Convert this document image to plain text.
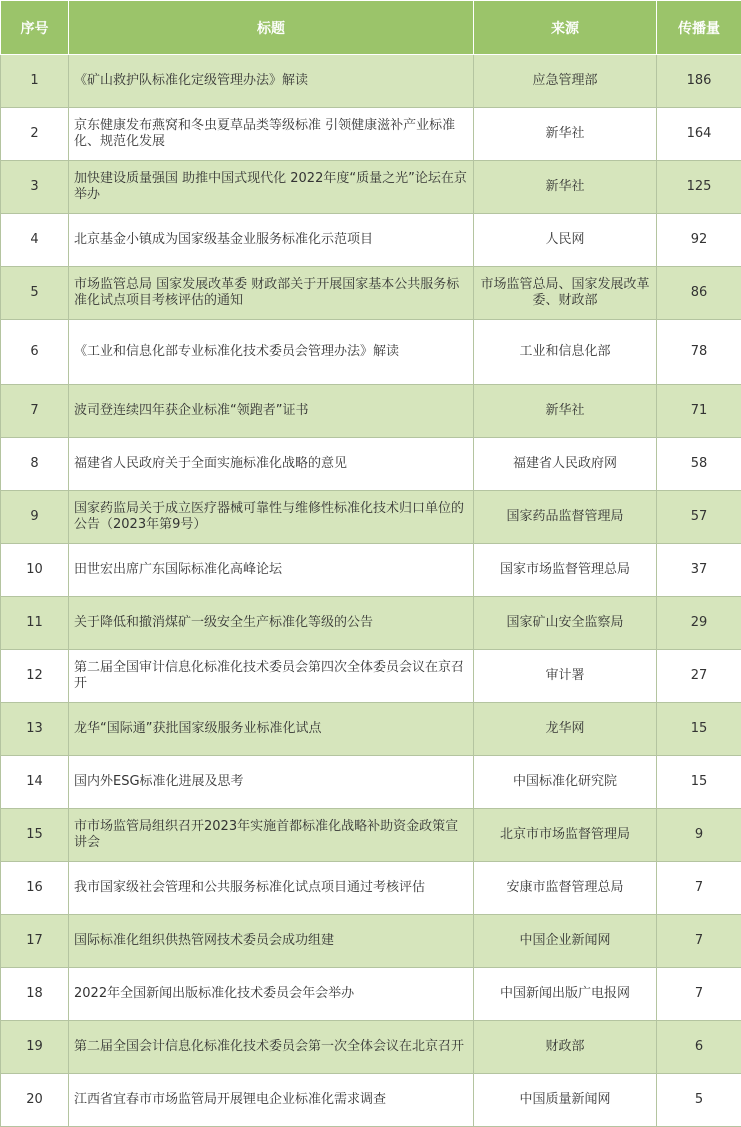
序号	标题	来源	传播量
1	《矿山救护队标准化定级管理办法》解读	应急管理部	186
2	京东健康发布燕窝和冬虫夏草品类等级标准 引领健康滋补产业标准化、规范化发展	新华社	164
3	加快建设质量强国 助推中国式现代化 2022年度“质量之光”论坛在京举办	新华社	125
4	北京基金小镇成为国家级基金业服务标准化示范项目	人民网	92
5	市场监管总局 国家发展改革委 财政部关于开展国家基本公共服务标准化试点项目考核评估的通知	市场监管总局、国家发展改革委、财政部	86
6	《工业和信息化部专业标准化技术委员会管理办法》解读	工业和信息化部	78
7	波司登连续四年获企业标准“领跑者”证书	新华社	71
8	福建省人民政府关于全面实施标准化战略的意见	福建省人民政府网	58
9	国家药监局关于成立医疗器械可靠性与维修性标准化技术归口单位的公告（2023年第9号）	国家药品监督管理局	57
10	田世宏出席广东国际标准化高峰论坛	国家市场监督管理总局	37
11	关于降低和撤消煤矿一级安全生产标准化等级的公告	国家矿山安全监察局	29
12	第二届全国审计信息化标准化技术委员会第四次全体委员会议在京召开	审计署	27
13	龙华“国际通”获批国家级服务业标准化试点	龙华网	15
14	国内外ESG标准化进展及思考	中国标准化研究院	15
15	市市场监管局组织召开2023年实施首都标准化战略补助资金政策宣讲会	北京市市场监督管理局	9
16	我市国家级社会管理和公共服务标准化试点项目通过考核评估	安康市监督管理总局	7
17	国际标准化组织供热管网技术委员会成功组建	中国企业新闻网	7
18	2022年全国新闻出版标准化技术委员会年会举办	中国新闻出版广电报网	7
19	第二届全国会计信息化标准化技术委员会第一次全体会议在北京召开	财政部	6
20	江西省宜春市市场监管局开展锂电企业标准化需求调查	中国质量新闻网	5
